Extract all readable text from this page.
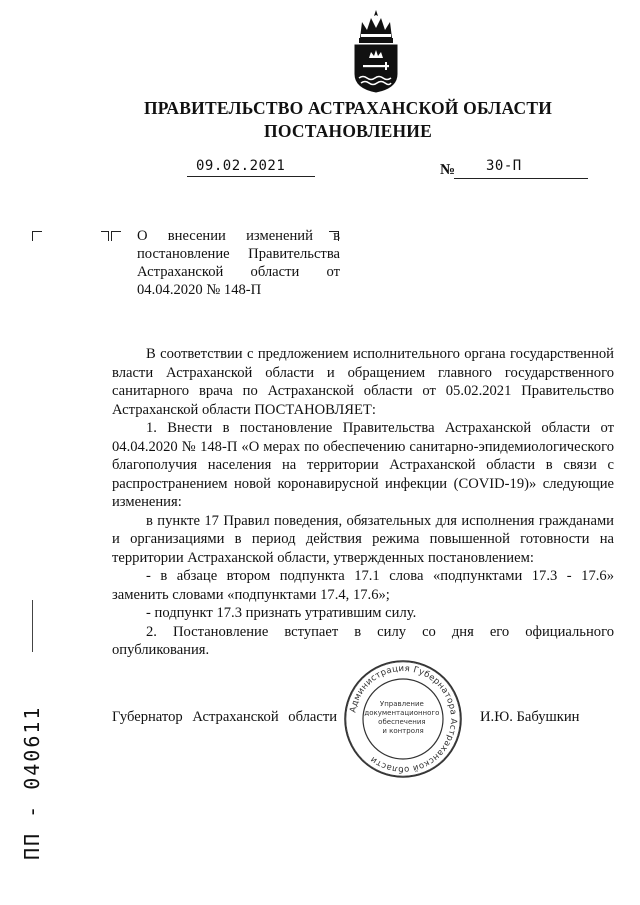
ПРАВИТЕЛЬСТВО АСТРАХАНСКОЙ ОБЛАСТИ
ПОСТАНОВЛЕНИЕ
09.02.2021	№ 30-П
О внесении изменений в
постановление Правительства
Астраханской области от
04.04.2020 № 148-П

В соответствии с предложением исполнительного органа государственной власти Астраханской области и обращением главного государственного санитарного врача по Астраханской области от 05.02.2021 Правительство Астраханской области ПОСТАНОВЛЯЕТ:

1. Внести в постановление Правительства Астраханской области от 04.04.2020 № 148-П «О мерах по обеспечению санитарно-эпидемиологического благополучия населения на территории Астраханской области в связи с распространением новой коронавирусной инфекции (COVID-19)» следующие изменения:

в пункте 17 Правил поведения, обязательных для исполнения гражданами и организациями в период действия режима повышенной готовности на территории Астраханской области, утвержденных постановлением:

- в абзаце втором подпункта 17.1 слова «подпунктами 17.3 - 17.6» заменить словами «подпунктами 17.4, 17.6»;

- подпункт 17.3 признать утратившим силу.

2. Постановление вступает в силу со дня его официального опубликования.

Губернатор Астраханской области	И.Ю. Бабушкин
Администрация Губернатора Астраханской области
Управление документационного обеспечения и контроля
ПП - 040611
